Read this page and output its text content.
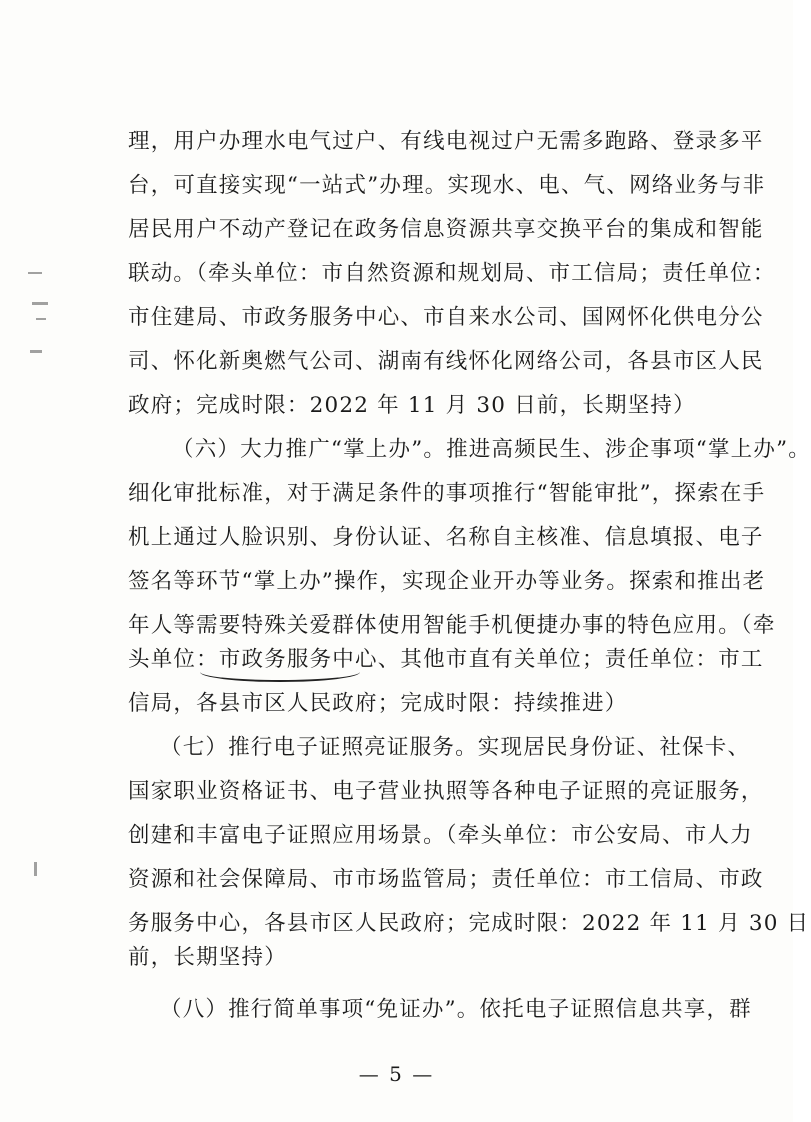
理，用户办理水电气过户、有线电视过户无需多跑路、登录多平
台，可直接实现“一站式”办理。实现水、电、气、网络业务与非
居民用户不动产登记在政务信息资源共享交换平台的集成和智能
联动。（牵头单位：市自然资源和规划局、市工信局；责任单位：
市住建局、市政务服务中心、市自来水公司、国网怀化供电分公
司、怀化新奥燃气公司、湖南有线怀化网络公司，各县市区人民
政府；完成时限：2022 年 11 月 30 日前，长期坚持）
（六）大力推广“掌上办”。推进高频民生、涉企事项“掌上办”。
细化审批标准，对于满足条件的事项推行“智能审批”，探索在手
机上通过人脸识别、身份认证、名称自主核准、信息填报、电子
签名等环节“掌上办”操作，实现企业开办等业务。探索和推出老
年人等需要特殊关爱群体使用智能手机便捷办事的特色应用。（牵
头单位：市政务服务中心、其他市直有关单位；责任单位：市工
信局，各县市区人民政府；完成时限：持续推进）
（七）推行电子证照亮证服务。实现居民身份证、社保卡、
国家职业资格证书、电子营业执照等各种电子证照的亮证服务，
创建和丰富电子证照应用场景。（牵头单位：市公安局、市人力
资源和社会保障局、市市场监管局；责任单位：市工信局、市政
务服务中心，各县市区人民政府；完成时限：2022 年 11 月 30 日
前，长期坚持）
（八）推行简单事项“免证办”。依托电子证照信息共享，群
— 5 —
